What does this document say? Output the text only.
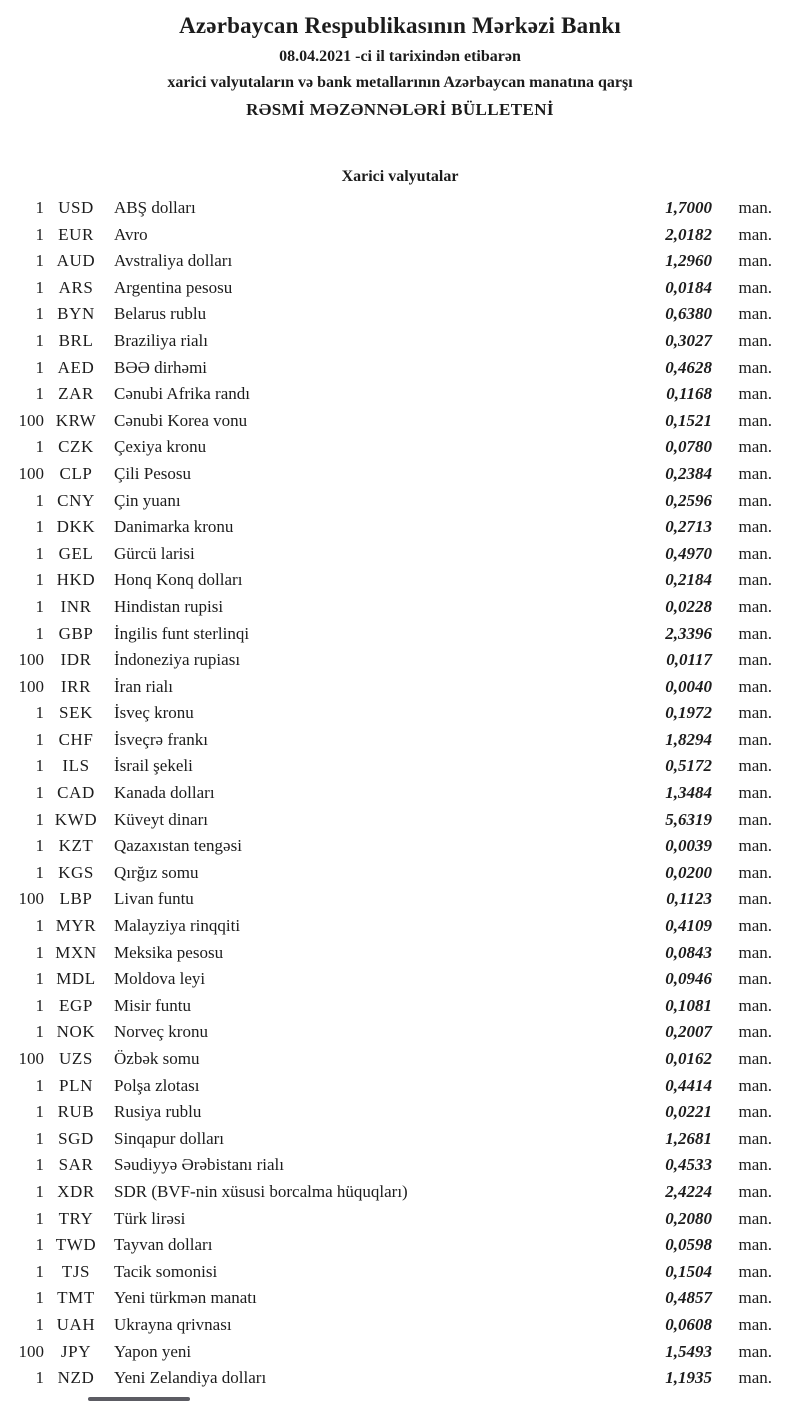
Azərbaycan Respublikasının Mərkəzi Bankı
08.04.2021 -ci il tarixindən etibarən
xarici valyutaların və bank metallarının Azərbaycan manatına qarşı
RƏSMİ MƏZƏNNƏLƏRİ BÜLLETENİ
Xarici valyutalar
1 USD	ABŞ dolları	1,7000	man.
1 EUR	Avro	2,0182	man.
1 AUD	Avstraliya dolları	1,2960	man.
1 ARS	Argentina pesosu	0,0184	man.
1 BYN	Belarus rublu	0,6380	man.
1 BRL	Braziliya rialı	0,3027	man.
1 AED	BƏƏ dirhəmi	0,4628	man.
1 ZAR	Cənubi Afrika randı	0,1168	man.
100 KRW	Cənubi Korea vonu	0,1521	man.
1 CZK	Çexiya kronu	0,0780	man.
100 CLP	Çili Pesosu	0,2384	man.
1 CNY	Çin yuanı	0,2596	man.
1 DKK	Danimarka kronu	0,2713	man.
1 GEL	Gürcü larisi	0,4970	man.
1 HKD	Honq Konq dolları	0,2184	man.
1 INR	Hindistan rupisi	0,0228	man.
1 GBP	İngilis funt sterlinqi	2,3396	man.
100 IDR	İndoneziya rupiası	0,0117	man.
100 IRR	İran rialı	0,0040	man.
1 SEK	İsveç kronu	0,1972	man.
1 CHF	İsveçrə frankı	1,8294	man.
1	ILS	İsrail şekeli	0,5172	man.
1 CAD	Kanada dolları	1,3484	man.
1 KWD Küveyt dinarı	5,6319	man.
1 KZT	Qazaxıstan tengəsi	0,0039	man.
1 KGS	Qırğız somu	0,0200	man.
100 LBP	Livan funtu	0,1123	man.
1 MYR	Malayziya rinqqiti	0,4109	man.
1 MXN	Meksika pesosu	0,0843	man.
1 MDL	Moldova leyi	0,0946	man.
1 EGP	Misir funtu	0,1081	man.
1 NOK	Norveç kronu	0,2007	man.
100 UZS	Özbək somu	0,0162	man.
1 PLN	Polşa zlotası	0,4414	man.
1 RUB	Rusiya rublu	0,0221	man.
1 SGD	Sinqapur dolları	1,2681	man.
1 SAR	Səudiyyə Ərəbistanı rialı	0,4533	man.
1 XDR	SDR (BVF-nin xüsusi borcalma hüquqları)	2,4224	man.
1 TRY	Türk lirəsi	0,2080	man.
1 TWD	Tayvan dolları	0,0598	man.
1	TJS	Tacik somonisi	0,1504	man.
1 TMT	Yeni türkmən manatı	0,4857	man.
1 UAH	Ukrayna qrivnası	0,0608	man.
100 JPY	Yapon yeni	1,5493	man.
1 NZD	Yeni Zelandiya dolları	1,1935	man.
